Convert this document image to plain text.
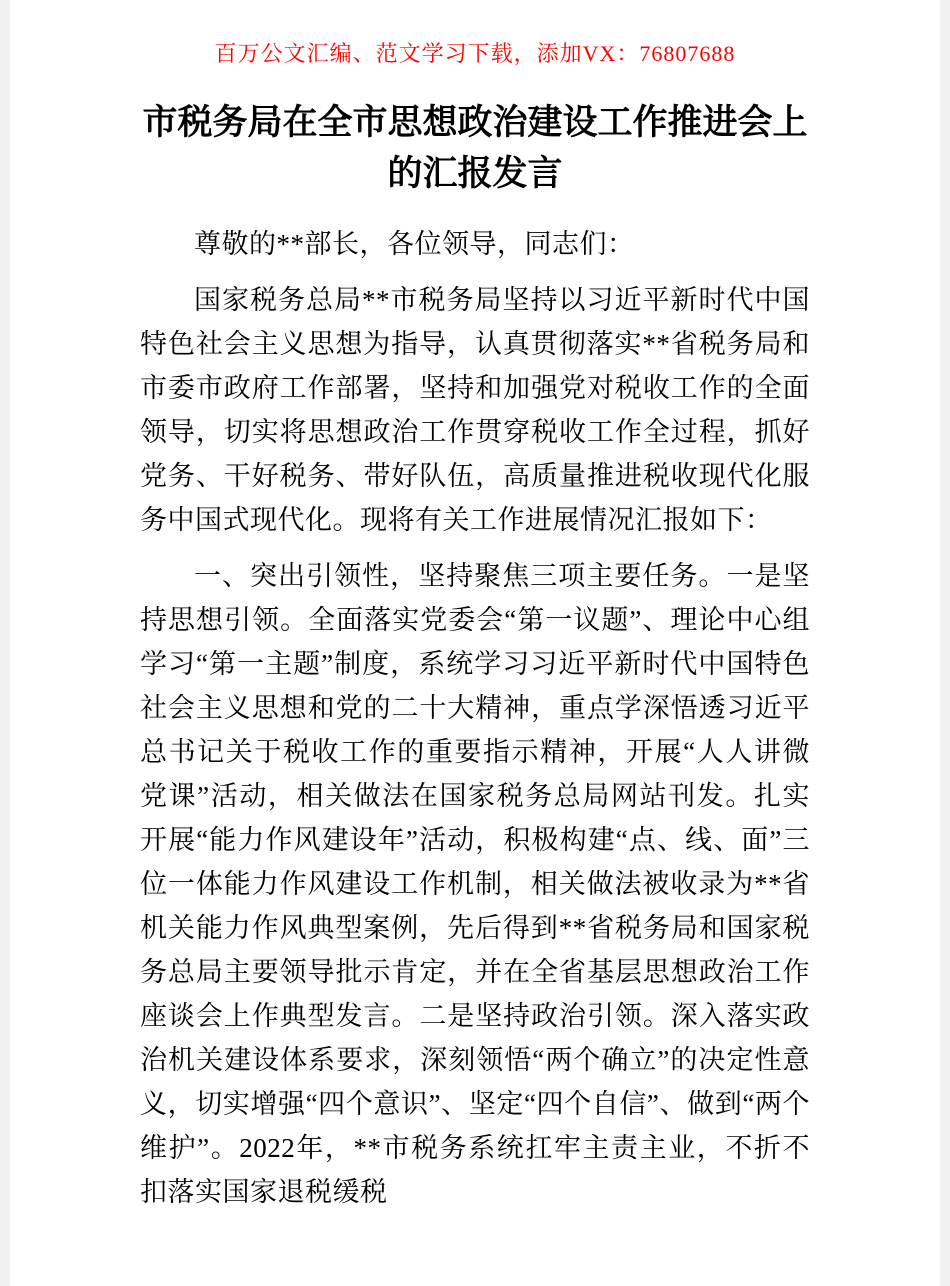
百万公文汇编、范文学习下载，添加VX：76807688
市税务局在全市思想政治建设工作推进会上的汇报发言

尊敬的**部长，各位领导，同志们：

国家税务总局**市税务局坚持以习近平新时代中国特色社会主义思想为指导，认真贯彻落实**省税务局和市委市政府工作部署，坚持和加强党对税收工作的全面领导，切实将思想政治工作贯穿税收工作全过程，抓好党务、干好税务、带好队伍，高质量推进税收现代化服务中国式现代化。现将有关工作进展情况汇报如下：

一、突出引领性，坚持聚焦三项主要任务。一是坚持思想引领。全面落实党委会“第一议题”、理论中心组学习“第一主题”制度，系统学习习近平新时代中国特色社会主义思想和党的二十大精神，重点学深悟透习近平总书记关于税收工作的重要指示精神，开展“人人讲微党课”活动，相关做法在国家税务总局网站刊发。扎实开展“能力作风建设年”活动，积极构建“点、线、面”三位一体能力作风建设工作机制，相关做法被收录为**省机关能力作风典型案例，先后得到**省税务局和国家税务总局主要领导批示肯定，并在全省基层思想政治工作座谈会上作典型发言。二是坚持政治引领。深入落实政治机关建设体系要求，深刻领悟“两个确立”的决定性意义，切实增强“四个意识”、坚定“四个自信”、做到“两个维护”。2022年，**市税务系统扛牢主责主业，不折不扣落实国家退税缓税
